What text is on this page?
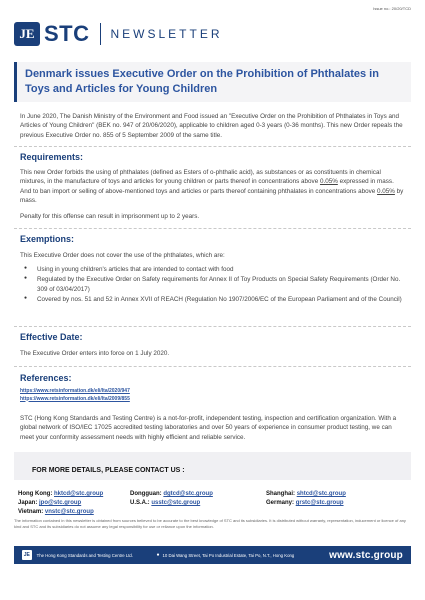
Issue no.: 20/20/TCD
JE STC NEWSLETTER
Denmark issues Executive Order on the Prohibition of Phthalates in Toys and Articles for Young Children
In June 2020, The Danish Ministry of the Environment and Food issued an "Executive Order on the Prohibition of Phthalates in Toys and Articles of Young Children" (BEK no. 947 of 20/06/2020), applicable to children aged 0-3 years (0-36 months). This new Order repeals the previous Executive Order no. 855 of 5 September 2009 of the same title.
Requirements:
This new Order forbids the using of phthalates (defined as Esters of o-phthalic acid), as substances or as constituents in chemical mixtures, in the manufacture of toys and articles for young children or parts thereof in concentrations above 0.05% expressed in mass. And to ban import or selling of above-mentioned toys and articles or parts thereof containing phthalates in concentrations above 0.05% by mass.
Penalty for this offense can result in imprisonment up to 2 years.
Exemptions:
This Executive Order does not cover the use of the phthalates, which are:
● Using in young children's articles that are intended to contact with food
● Regulated by the Executive Order on Safety requirements for Annex II of Toy Products on Special Safety Requirements (Order No. 309 of 03/04/2017)
● Covered by nos. 51 and 52 in Annex XVII of REACH (Regulation No 1907/2006/EC of the European Parliament and of the Council)
Effective Date:
The Executive Order enters into force on 1 July 2020.
References:
https://www.retsinformation.dk/eli/lta/2020/947
https://www.retsinformation.dk/eli/lta/2009/855
STC (Hong Kong Standards and Testing Centre) is a not-for-profit, independent testing, inspection and certification organization. With a global network of ISO/IEC 17025 accredited testing laboratories and over 50 years of experience in consumer product testing, we can meet your conformity assessment needs with highly efficient and reliable service.
FOR MORE DETAILS, PLEASE CONTACT US :
Hong Kong: hktcd@stc.group	Dongguan: dgtcd@stc.group	Shanghai: shtcd@stc.group
Japan: jpo@stc.group	U.S.A.: usstc@stc.group	Germany: grstc@stc.group
Vietnam: vnstc@stc.group
The information contained in this newsletter is obtained from sources believed to be accurate to the best knowledge of STC and its subsidiaries. It is distributed without warranty, representation, inducement or licence of any kind and STC and its subsidiaries do not assume any legal responsibility for use or reliance upon the information.
JE	The Hong Kong Standards and Testing Centre Ltd.	● 10 Dai Wang Street, Tai Po Industrial Estate, Tai Po, N.T., Hong Kong	www.stc.group
